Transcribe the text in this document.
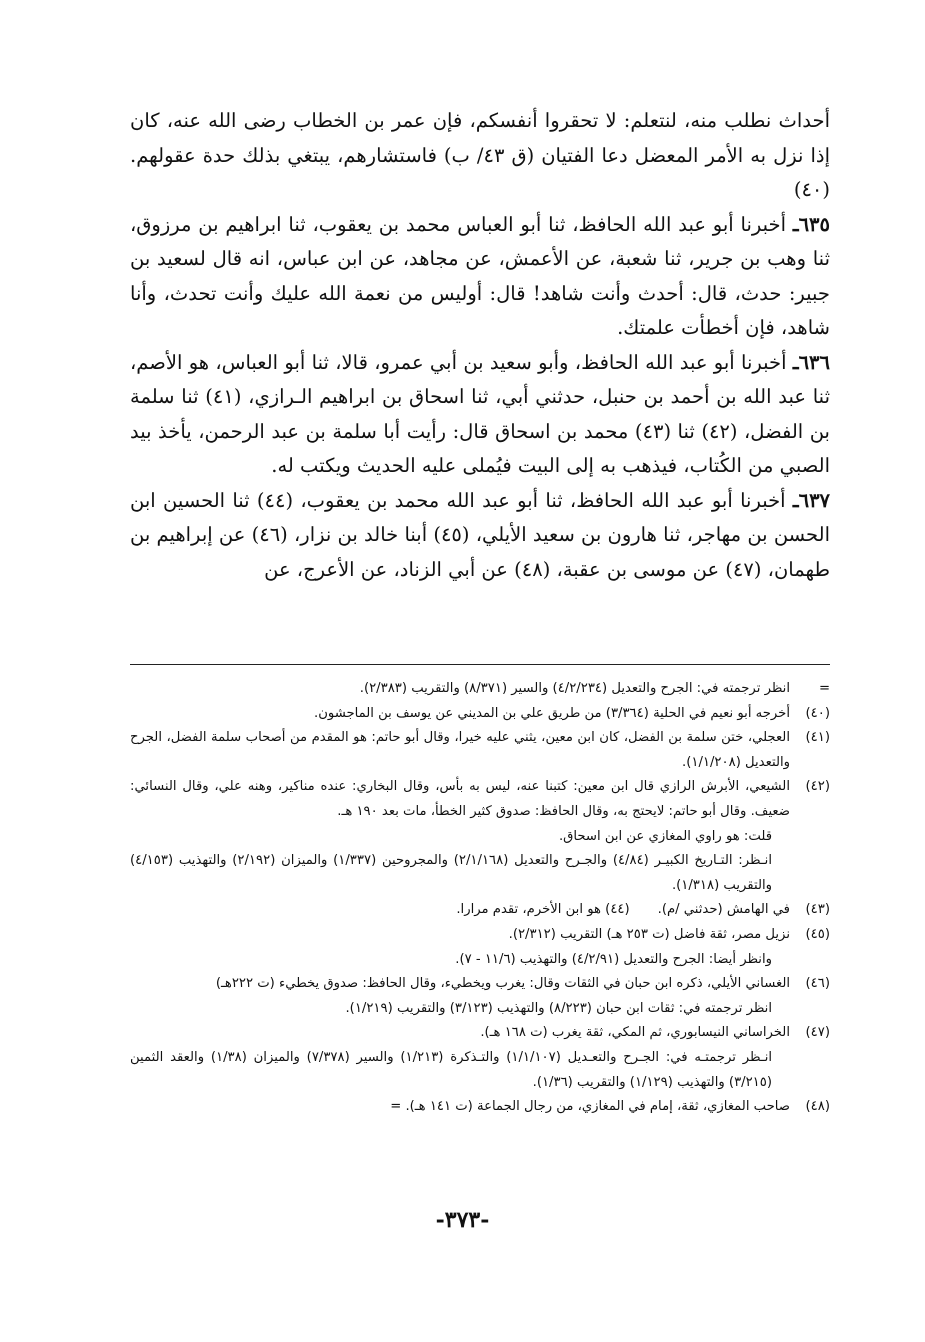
أحداث نطلب منه، لنتعلم: لا تحقروا أنفسكم، فإن عمر بن الخطاب رضى الله عنه، كان إذا نزل به الأمر المعضل دعا الفتيان (ق ٤٣/ ب) فاستشارهم، يبتغي بذلك حدة عقولهم. (٤٠)

٦٣٥ـ أخبرنا أبو عبد الله الحافظ، ثنا أبو العباس محمد بن يعقوب، ثنا ابراهيم بن مرزوق، ثنا وهب بن جرير، ثنا شعبة، عن الأعمش، عن مجاهد، عن ابن عباس، انه قال لسعيد بن جبير: حدث، قال: أحدث وأنت شاهد! قال: أوليس من نعمة الله عليك وأنت تحدث، وأنا شاهد، فإن أخطأت علمتك.

٦٣٦ـ أخبرنا أبو عبد الله الحافظ، وأبو سعيد بن أبي عمرو، قالا، ثنا أبو العباس، هو الأصم، ثنا عبد الله بن أحمد بن حنبل، حدثني أبي، ثنا اسحاق بن ابراهيم الـرازي، (٤١) ثنا سلمة بن الفضل، (٤٢) ثنا (٤٣) محمد بن اسحاق قال: رأيت أبا سلمة بن عبد الرحمن، يأخذ بيد الصبي من الكُتاب، فيذهب به إلى البيت فيُملى عليه الحديث ويكتب له.

٦٣٧ـ أخبرنا أبو عبد الله الحافظ، ثنا أبو عبد الله محمد بن يعقوب، (٤٤) ثنا الحسين ابن الحسن بن مهاجر، ثنا هارون بن سعيد الأيلي، (٤٥) أبنا خالد بن نزار، (٤٦) عن إبراهيم بن طهمان، (٤٧) عن موسى بن عقبة، (٤٨) عن أبي الزناد، عن الأعرج، عن

=

انظر ترجمته في: الجرح والتعديل (٤/٢/٢٣٤) والسير (٨/٣٧١) والتقريب (٢/٣٨٣).

(٤٠)

أخرجه أبو نعيم في الحلية (٣/٣٦٤) من طريق علي بن المديني عن يوسف بن الماجشون.

(٤١)

العجلي، ختن سلمة بن الفضل، كان ابن معين، يثني عليه خيرا، وقال أبو حاتم: هو المقدم من أصحاب سلمة الفضل، الجرح والتعديل (١/١/٢٠٨).

(٤٢)

الشيعي، الأبرش الرازي قال ابن معين: كتبنا عنه، ليس به بأس، وقال البخاري: عنده مناكير، وهنه علي، وقال النسائي: ضعيف. وقال أبو حاتم: لايحتج به، وقال الحافظ: صدوق كثير الخطأ، مات بعد ١٩٠ هـ.

قلت: هو راوي المغازي عن ابن اسحاق.

انـظر: التـاريخ الكبيـر (٤/٨٤) والجـرح والتعديل (٢/١/١٦٨) والمجروحين (١/٣٣٧) والميزان (٢/١٩٢) والتهذيب (٤/١٥٣) والتقريب (١/٣١٨).

(٤٣)

في الهامش (حدثني /م).(٤٤) هو ابن الأخرم، تقدم مرارا.

(٤٥)

نزيل مصر، ثقة فاضل (ت ٢٥٣ هـ) التقريب (٢/٣١٢).

وانظر أيضا: الجرح والتعديل (٤/٢/٩١) والتهذيب (١١/٦ - ٧).

(٤٦)

الغساني الأيلي، ذكره ابن حبان في الثقات وقال: يغرب ويخطيء، وقال الحافظ: صدوق يخطيء (ت ٢٢٢هـ)

انظر ترجمته في: ثقات ابن حبان (٨/٢٢٣) والتهذيب (٣/١٢٣) والتقريب (١/٢١٩).

(٤٧)

الخراساني النيسابوري، ثم المكي، ثقة يغرب (ت ١٦٨ هـ).

انـظر ترجمتـه في: الجـرح والتعـديل (١/١/١٠٧) والتـذكرة (١/٢١٣) والسير (٧/٣٧٨) والميزان (١/٣٨) والعقد الثمين (٣/٢١٥) والتهذيب (١/١٢٩) والتقريب (١/٣٦).

(٤٨)

صاحب المغازي، ثقة، إمام في المغازي، من رجال الجماعة (ت ١٤١ هـ). =

-٣٧٣-
